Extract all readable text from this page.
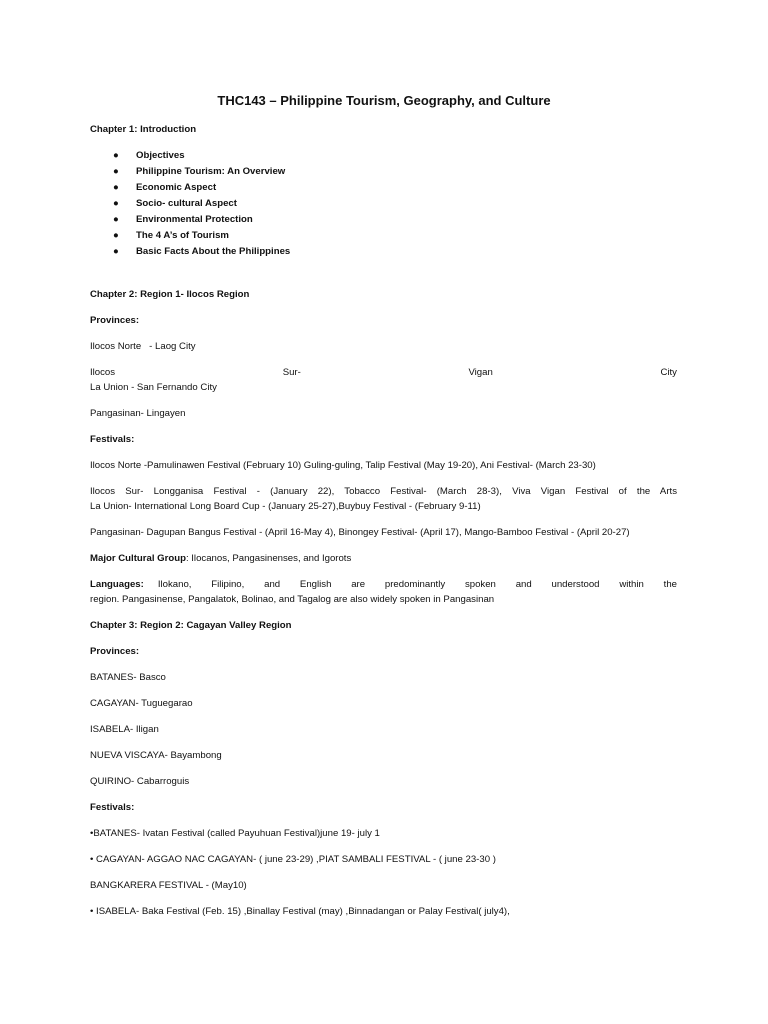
THC143 – Philippine Tourism, Geography, and Culture
Chapter 1: Introduction
● Objectives
● Philippine Tourism: An Overview
● Economic Aspect
● Socio- cultural Aspect
● Environmental Protection
● The 4 A’s of Tourism
● Basic Facts About the Philippines
Chapter 2: Region 1- Ilocos Region
Provinces:
Ilocos Norte   - Laog City
Ilocos	Sur-	Vigan	City
La Union - San Fernando City
Pangasinan- Lingayen
Festivals:
Ilocos Norte -Pamulinawen Festival (February 10) Guling-guling, Talip Festival (May 19-20), Ani Festival- (March 23-30)
Ilocos Sur- Longganisa Festival - (January 22), Tobacco Festival- (March 28-3), Viva Vigan Festival of the Arts
La Union- International Long Board Cup - (January 25-27),Buybuy Festival - (February 9-11)
Pangasinan- Dagupan Bangus Festival - (April 16-May 4), Binongey Festival- (April 17), Mango-Bamboo Festival - (April 20-27)
Major Cultural Group: Ilocanos, Pangasinenses, and Igorots
Languages: Ilokano, Filipino, and English are predominantly spoken and understood within the
region. Pangasinense, Pangalatok, Bolinao, and Tagalog are also widely spoken in Pangasinan
Chapter 3: Region 2: Cagayan Valley Region
Provinces:
BATANES- Basco
CAGAYAN- Tuguegarao
ISABELA- Iligan
NUEVA VISCAYA- Bayambong
QUIRINO- Cabarroguis
Festivals:
•BATANES- Ivatan Festival (called Payuhuan Festival)june 19- july 1
• CAGAYAN- AGGAO NAC CAGAYAN- ( june 23-29) ,PIAT SAMBALI FESTIVAL - ( june 23-30 )
BANGKARERA FESTIVAL - (May10)
• ISABELA- Baka Festival (Feb. 15) ,Binallay Festival (may) ,Binnadangan or Palay Festival( july4),
